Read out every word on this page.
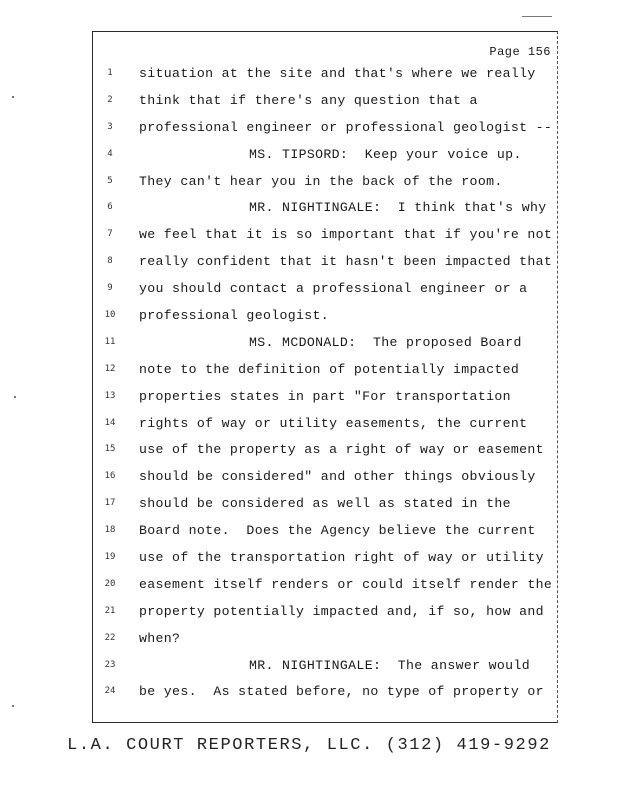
Page 156
1	situation at the site and that's where we really
2	think that if there's any question that a
3	professional engineer or professional geologist --
4	MS. TIPSORD:  Keep your voice up.
5	They can't hear you in the back of the room.
6	MR. NIGHTINGALE:  I think that's why
7	we feel that it is so important that if you're not
8	really confident that it hasn't been impacted that
9	you should contact a professional engineer or a
10	professional geologist.
11	MS. MCDONALD:  The proposed Board
12	note to the definition of potentially impacted
13	properties states in part "For transportation
14	rights of way or utility easements, the current
15	use of the property as a right of way or easement
16	should be considered" and other things obviously
17	should be considered as well as stated in the
18	Board note.  Does the Agency believe the current
19	use of the transportation right of way or utility
20	easement itself renders or could itself render the
21	property potentially impacted and, if so, how and
22	when?
23	MR. NIGHTINGALE:  The answer would
24	be yes.  As stated before, no type of property or
L.A. COURT REPORTERS, LLC. (312) 419-9292
